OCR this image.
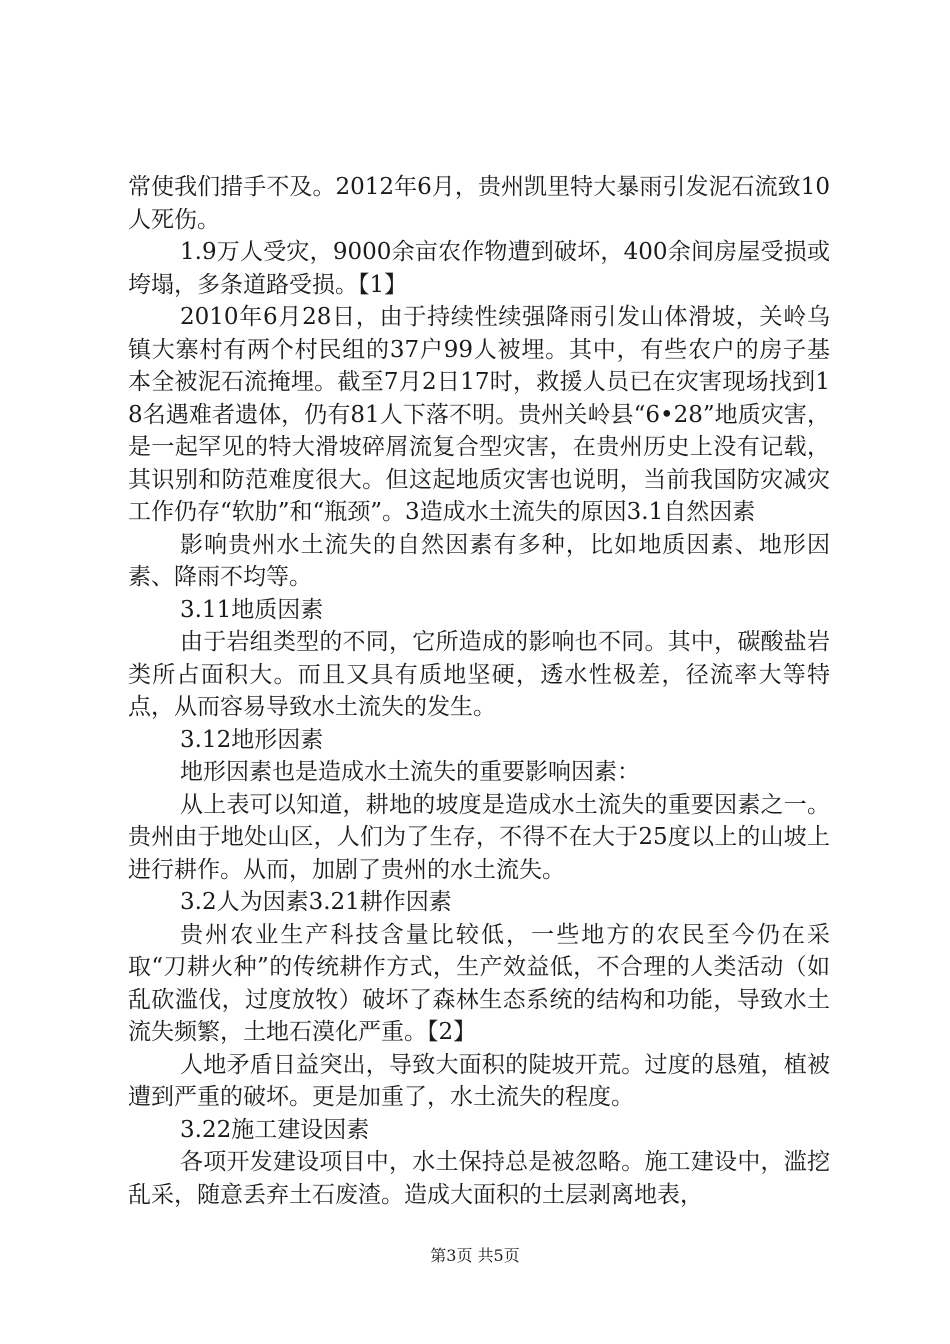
常使我们措手不及。2012年6月，贵州凯里特大暴雨引发泥石流致10人死伤。

1.9万人受灾，9000余亩农作物遭到破坏，400余间房屋受损或垮塌，多条道路受损。【1】

2010年6月28日，由于持续性续强降雨引发山体滑坡，关岭乌镇大寨村有两个村民组的37户99人被埋。其中，有些农户的房子基本全被泥石流掩埋。截至7月2日17时，救援人员已在灾害现场找到18名遇难者遗体，仍有81人下落不明。贵州关岭县“6•28”地质灾害，是一起罕见的特大滑坡碎屑流复合型灾害，在贵州历史上没有记载，其识别和防范难度很大。但这起地质灾害也说明，当前我国防灾减灾工作仍存“软肋”和“瓶颈”。3造成水土流失的原因3.1自然因素

影响贵州水土流失的自然因素有多种，比如地质因素、地形因素、降雨不均等。

3.11地质因素

由于岩组类型的不同，它所造成的影响也不同。其中，碳酸盐岩类所占面积大。而且又具有质地坚硬，透水性极差，径流率大等特点，从而容易导致水土流失的发生。

3.12地形因素

地形因素也是造成水土流失的重要影响因素：

从上表可以知道，耕地的坡度是造成水土流失的重要因素之一。贵州由于地处山区，人们为了生存，不得不在大于25度以上的山坡上进行耕作。从而，加剧了贵州的水土流失。

3.2人为因素3.21耕作因素

贵州农业生产科技含量比较低，一些地方的农民至今仍在采取“刀耕火种”的传统耕作方式，生产效益低，不合理的人类活动（如乱砍滥伐，过度放牧）破坏了森林生态系统的结构和功能，导致水土流失频繁，土地石漠化严重。【2】

人地矛盾日益突出，导致大面积的陡坡开荒。过度的恳殖，植被遭到严重的破坏。更是加重了，水土流失的程度。

3.22施工建设因素

各项开发建设项目中，水土保持总是被忽略。施工建设中，滥挖乱采，随意丢弃土石废渣。造成大面积的土层剥离地表，

第3页 共5页
